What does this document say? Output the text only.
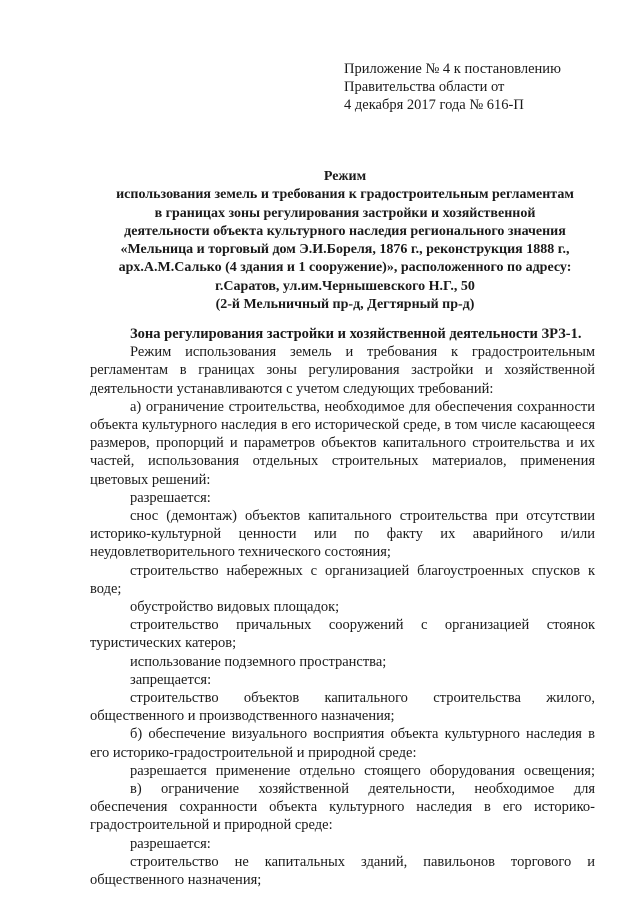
Приложение № 4 к постановлению
Правительства области от
4 декабря 2017 года № 616-П
Режим
использования земель и требования к градостроительным регламентам
в границах зоны регулирования застройки и хозяйственной
деятельности объекта культурного наследия регионального значения
«Мельница и торговый дом Э.И.Бореля, 1876 г., реконструкция 1888 г.,
арх.А.М.Салько (4 здания и 1 сооружение)», расположенного по адресу:
г.Саратов, ул.им.Чернышевского Н.Г., 50
(2-й Мельничный пр-д, Дегтярный пр-д)

Зона регулирования застройки и хозяйственной деятельности ЗРЗ-1.

Режим использования земель и требования к градостроительным регламентам в границах зоны регулирования застройки и хозяйственной деятельности устанавливаются с учетом следующих требований:

а) ограничение строительства, необходимое для обеспечения сохранности объекта культурного наследия в его исторической среде, в том числе касающееся размеров, пропорций и параметров объектов капитального строительства и их частей, использования отдельных строительных материалов, применения цветовых решений:

разрешается:

снос (демонтаж) объектов капитального строительства при отсутствии историко-культурной ценности или по факту их аварийного и/или неудовлетворительного технического состояния;

строительство набережных с организацией благоустроенных спусков к воде;

обустройство видовых площадок;

строительство причальных сооружений с организацией стоянок туристических катеров;

использование подземного пространства;

запрещается:

строительство объектов капитального строительства жилого, общественного и производственного назначения;

б) обеспечение визуального восприятия объекта культурного наследия в его историко-градостроительной и природной среде:

разрешается применение отдельно стоящего оборудования освещения;

в) ограничение хозяйственной деятельности, необходимое для обеспечения сохранности объекта культурного наследия в его историко-градостроительной и природной среде:

разрешается:

строительство не капитальных зданий, павильонов торгового и общественного назначения;
